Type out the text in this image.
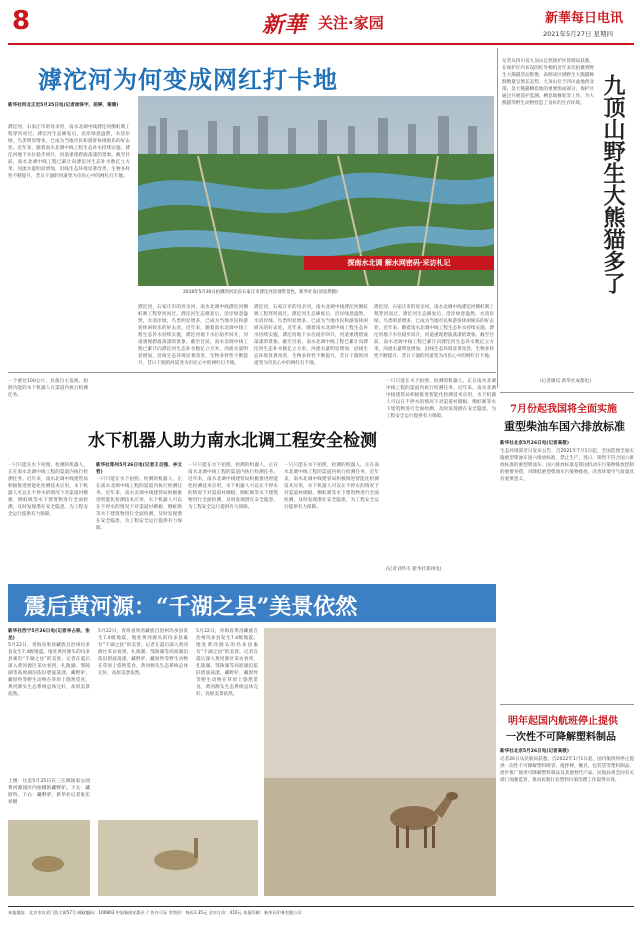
8	新華 关注·家园	新華每日电讯
2021年5月27日 星期四
滹沱河为何变成网红打卡地
探南水北调 解水网密码·采访札记
2018年5月30日拍摄的河北省石家庄市滹沱河景观带景色。新华社发(刘彦然摄)
新华社河北正定5月25日电(记者徐泽宇、屈婷、秦婧)
滹沱河，石家庄市的母亲河，南水北调中线滹沱河倒虹吸工程穿河而过。滹沱河生态修复后，沿岸绿意盎然，水清岸绿，鸟类明显增多，已成为当地市民和游客休闲娱乐的好去处。近年来，随着南水北调中线工程生态补水持续实施，滹沱河地下水位稳步回升，河道重现碧波荡漾的景象。截至目前，南水北调中线工程已累计向滹沱河生态补水数亿立方米，河流水量明显增加，沿线生态环境显著改善，生物多样性不断提升，昔日干涸的河道变为市民心中的网红打卡地。
滹沱河，石家庄市的母亲河，南水北调中线滹沱河倒虹吸工程穿河而过。滹沱河生态修复后，沿岸绿意盎然，水清岸绿，鸟类明显增多，已成为当地市民和游客休闲娱乐的好去处。近年来，随着南水北调中线工程生态补水持续实施，滹沱河地下水位稳步回升，河道重现碧波荡漾的景象。截至目前，南水北调中线工程已累计向滹沱河生态补水数亿立方米，河流水量明显增加，沿线生态环境显著改善，生物多样性不断提升，昔日干涸的河道变为市民心中的网红打卡地。
滹沱河，石家庄市的母亲河，南水北调中线滹沱河倒虹吸工程穿河而过。滹沱河生态修复后，沿岸绿意盎然，水清岸绿，鸟类明显增多，已成为当地市民和游客休闲娱乐的好去处。近年来，随着南水北调中线工程生态补水持续实施，滹沱河地下水位稳步回升，河道重现碧波荡漾的景象。截至目前，南水北调中线工程已累计向滹沱河生态补水数亿立方米，河流水量明显增加，沿线生态环境显著改善，生物多样性不断提升，昔日干涸的河道变为市民心中的网红打卡地。
滹沱河，石家庄市的母亲河，南水北调中线滹沱河倒虹吸工程穿河而过。滹沱河生态修复后，沿岸绿意盎然，水清岸绿，鸟类明显增多，已成为当地市民和游客休闲娱乐的好去处。近年来，随着南水北调中线工程生态补水持续实施，滹沱河地下水位稳步回升，河道重现碧波荡漾的景象。截至目前，南水北调中线工程已累计向滹沱河生态补水数亿立方米，河流水量明显增加，沿线生态环境显著改善，生物多样性不断提升，昔日干涸的河道变为市民心中的网红打卡地。
记者从四川省九顶山自然保护区管理局获悉，在保护区内布设的红外相机近年多次拍摄到野生大熊猫活动影像，表明该区域野生大熊猫种群数量呈增长态势。九顶山位于四川盆地西北部，是大熊猫栖息地的重要组成部分，保护区通过开展巡护监测、栖息地修复等工作，为大熊猫等野生动物营造了良好的生存环境。 九顶山野生大熊猫多了
(记者谢佼 新华社成都电)
一个重达100公斤、具备自主巡视、拍照功能的水下机器人在渠道内执行检测任务。
水下机器人助力南水北调工程安全检测
一只只能在水下拍照、检测的机器人，正在南水北调中线工程的渠道内执行检测任务。近年来，南水北调中线建管局积极推进智能化检测技术应用，水下机器人可以在不停水的情况下对渠道衬砌板、倒虹吸等水下建筑物进行全面检测，及时发现潜在安全隐患，为工程安全运行提供有力保障。
新华社郑州5月26日电(记者王自强、李文哲)
一只只能在水下拍照、检测的机器人，正在南水北调中线工程的渠道内执行检测任务。近年来，南水北调中线建管局积极推进智能化检测技术应用，水下机器人可以在不停水的情况下对渠道衬砌板、倒虹吸等水下建筑物进行全面检测，及时发现潜在安全隐患，为工程安全运行提供有力保障。
一只只能在水下拍照、检测的机器人，正在南水北调中线工程的渠道内执行检测任务。近年来，南水北调中线建管局积极推进智能化检测技术应用，水下机器人可以在不停水的情况下对渠道衬砌板、倒虹吸等水下建筑物进行全面检测，及时发现潜在安全隐患，为工程安全运行提供有力保障。
一只只能在水下拍照、检测的机器人，正在南水北调中线工程的渠道内执行检测任务。近年来，南水北调中线建管局积极推进智能化检测技术应用，水下机器人可以在不停水的情况下对渠道衬砌板、倒虹吸等水下建筑物进行全面检测，及时发现潜在安全隐患，为工程安全运行提供有力保障。
一只只能在水下拍照、检测的机器人，正在南水北调中线工程的渠道内执行检测任务。近年来，南水北调中线建管局积极推进智能化检测技术应用，水下机器人可以在不停水的情况下对渠道衬砌板、倒虹吸等水下建筑物进行全面检测，及时发现潜在安全隐患，为工程安全运行提供有力保障。
(记者刘怀丕 新华社郑州电)
7月份起我国将全面实施
重型柴油车国六排放标准
新华社北京5月26日电(记者高敬)
生态环境部近日发布公告，自2021年7月1日起，全国范围全面实施重型柴油车国六排放标准，禁止生产、进口、销售不符合国六排放标准的重型柴油车。国六排放标准是我国机动车污染物排放控制的重要举措，对降低重型柴油车污染物排放、改善环境空气质量具有重要意义。
震后黄河源：“千湖之县”美景依然
新华社西宁5月26日电(记者李占轶、张龙)
5月22日，青海省果洛藏族自治州玛多县发生7.4级地震。地处黄河源头的玛多县素有“千湖之县”的美誉。记者在震后深入黄河源区采访看到，扎陵湖、鄂陵湖等高原湖泊依旧碧波荡漾，藏野驴、藏原羚等野生动物在草原上悠然觅食，黄河源头生态系统总体完好，高原美景依然。
5月22日，青海省果洛藏族自治州玛多县发生7.4级地震。地处黄河源头的玛多县素有“千湖之县”的美誉。记者在震后深入黄河源区采访看到，扎陵湖、鄂陵湖等高原湖泊依旧碧波荡漾，藏野驴、藏原羚等野生动物在草原上悠然觅食，黄河源头生态系统总体完好，高原美景依然。
5月22日，青海省果洛藏族自治州玛多县发生7.4级地震。地处黄河源头的玛多县素有“千湖之县”的美誉。记者在震后深入黄河源区采访看到，扎陵湖、鄂陵湖等高原湖泊依旧碧波荡漾，藏野驴、藏原羚等野生动物在草原上悠然觅食，黄河源头生态系统总体完好，高原美景依然。
上图：这是5月25日在三江源国家公园黄河源园区内拍摄的藏野驴。下左：藏原羚。下右：藏野驴。新华社记者张宏祥摄
明年起国内航班停止提供
一次性不可降解塑料制品
新华社北京5月26日电(记者高敬)
记者26日从民航局获悉，自2022年1月1日起，国内航班将停止提供一次性不可降解塑料吸管、搅拌棒、餐具、包装袋等塑料制品，逐步推广使用可降解塑料制品及其他替代产品。民航局将会同有关部门加强监管，推动民航行业塑料污染治理工作取得实效。
本报地址：北京市宣武门西大街57号 邮政编码：100803 中国新闻出版社 广告许可证 零售价：每份1.35元 全年订价：410元 本报印刷：新华社印务有限公司
